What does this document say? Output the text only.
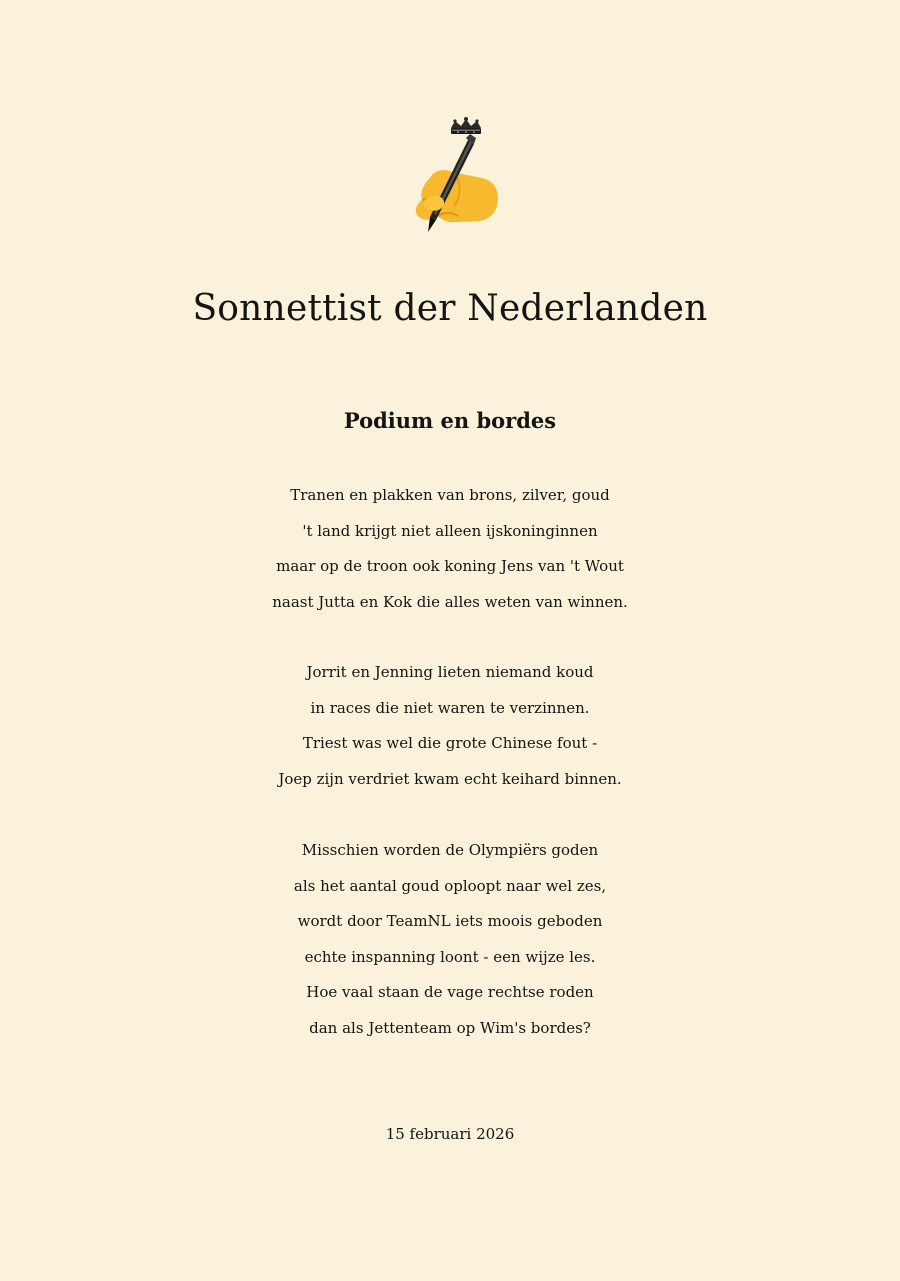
Sonnettist der Nederlanden
Podium en bordes
Tranen en plakken van brons, zilver, goud
't land krijgt niet alleen ijskoninginnen
maar op de troon ook koning Jens van 't Wout
naast Jutta en Kok die alles weten van winnen.
Jorrit en Jenning lieten niemand koud
in races die niet waren te verzinnen.
Triest was wel die grote Chinese fout -
Joep zijn verdriet kwam echt keihard binnen.
Misschien worden de Olympiërs goden
als het aantal goud oploopt naar wel zes,
wordt door TeamNL iets moois geboden
echte inspanning loont - een wijze les.
Hoe vaal staan de vage rechtse roden
dan als Jettenteam op Wim's bordes?
15 februari 2026
